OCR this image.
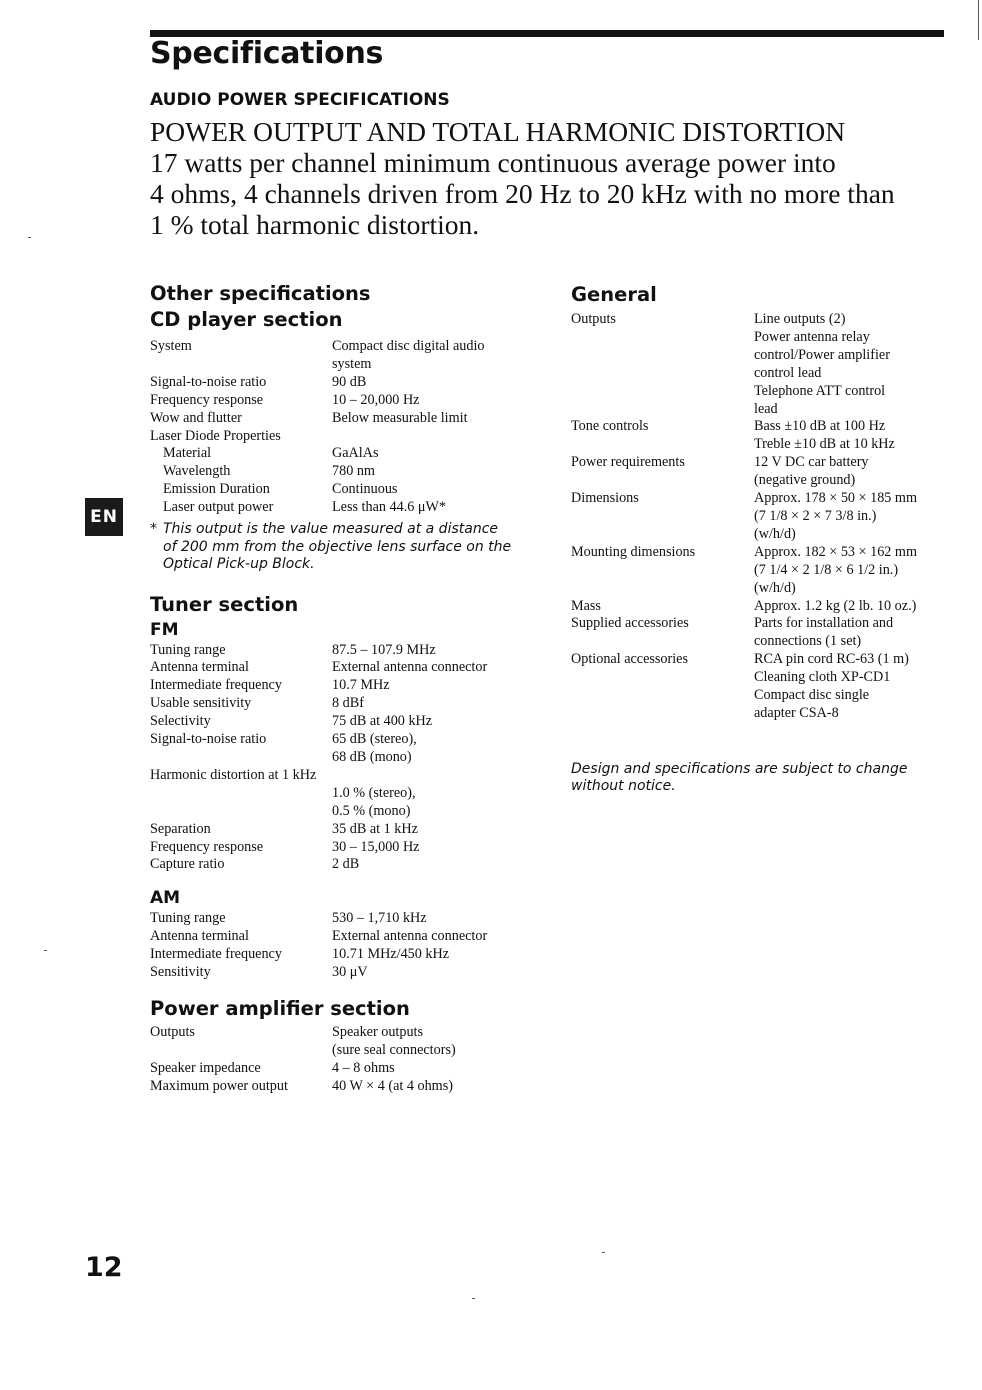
Specifications
AUDIO POWER SPECIFICATIONS
POWER OUTPUT AND TOTAL HARMONIC DISTORTION
17 watts per channel minimum continuous average power into
4 ohms, 4 channels driven from 20 Hz to 20 kHz with no more than
1 % total harmonic distortion.
EN
Other specifications
CD player section
System	Compact disc digital audio
system
Signal-to-noise ratio	90 dB
Frequency response	10 – 20,000 Hz
Wow and flutter	Below measurable limit
Laser Diode Properties
Material	GaAlAs
Wavelength	780 nm
Emission Duration	Continuous
Laser output power	Less than 44.6 μW*

* This output is the value measured at a distance
of 200 mm from the objective lens surface on the
Optical Pick-up Block.

Tuner section
FM
Tuning range	87.5 – 107.9 MHz
Antenna terminal	External antenna connector
Intermediate frequency	10.7 MHz
Usable sensitivity	8 dBf
Selectivity	75 dB at 400 kHz
Signal-to-noise ratio	65 dB (stereo),
68 dB (mono)
Harmonic distortion at 1 kHz
1.0 % (stereo),
0.5 % (mono)
Separation	35 dB at 1 kHz
Frequency response	30 – 15,000 Hz
Capture ratio	2 dB
AM
Tuning range	530 – 1,710 kHz
Antenna terminal	External antenna connector
Intermediate frequency	10.71 MHz/450 kHz
Sensitivity	30 μV
Power amplifier section
Outputs	Speaker outputs
(sure seal connectors)
Speaker impedance	4 – 8 ohms
Maximum power output	40 W × 4 (at 4 ohms)
General
Outputs	Line outputs (2)
Power antenna relay
control/Power amplifier
control lead
Telephone ATT control
lead
Tone controls	Bass ±10 dB at 100 Hz
Treble ±10 dB at 10 kHz
Power requirements	12 V DC car battery
(negative ground)
Dimensions	Approx. 178 × 50 × 185 mm
(7 1/8 × 2 × 7 3/8 in.)
(w/h/d)
Mounting dimensions	Approx. 182 × 53 × 162 mm
(7 1/4 × 2 1/8 × 6 1/2 in.)
(w/h/d)
Mass	Approx. 1.2 kg (2 lb. 10 oz.)
Supplied accessories	Parts for installation and
connections (1 set)
Optional accessories	RCA pin cord RC-63 (1 m)
Cleaning cloth XP-CD1
Compact disc single
adapter CSA-8

Design and specifications are subject to change
without notice.

12
